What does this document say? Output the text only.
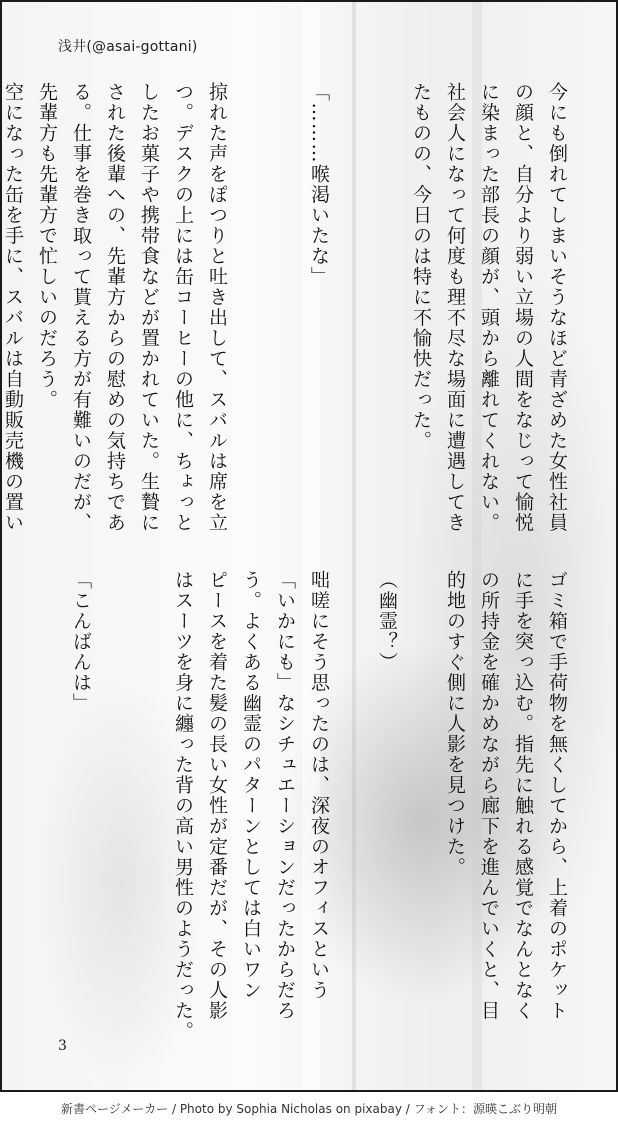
浅井(@asai-gottani)

今にも倒れてしまいそうなほど青ざめた女性社員

の顔と、自分より弱い立場の人間をなじって愉悦

に染まった部長の顔が、頭から離れてくれない。

社会人になって何度も理不尽な場面に遭遇してき

たものの、今日のは特に不愉快だった。

「………喉渇いたな」

掠れた声をぽつりと吐き出して、スバルは席を立

つ。デスクの上には缶コーヒーの他に、ちょっと

したお菓子や携帯食などが置かれていた。生贄に

された後輩への、先輩方からの慰めの気持ちであ

る。仕事を巻き取って貰える方が有難いのだが、

先輩方も先輩方で忙しいのだろう。

空になった缶を手に、スバルは自動販売機の置い

ゴミ箱で手荷物を無くしてから、上着のポケット

に手を突っ込む。指先に触れる感覚でなんとなく

の所持金を確かめながら廊下を進んでいくと、目

的地のすぐ側に人影を見つけた。

（幽霊？）

咄嗟にそう思ったのは、深夜のオフィスという

「いかにも」なシチュエーションだったからだろ

う。よくある幽霊のパターンとしては白いワン

ピースを着た髪の長い女性が定番だが、その人影

はスーツを身に纏った背の高い男性のようだった。

「こんばんは」

3
新書ページメーカー / Photo by Sophia Nicholas on pixabay / フォント：源暎こぶり明朝
